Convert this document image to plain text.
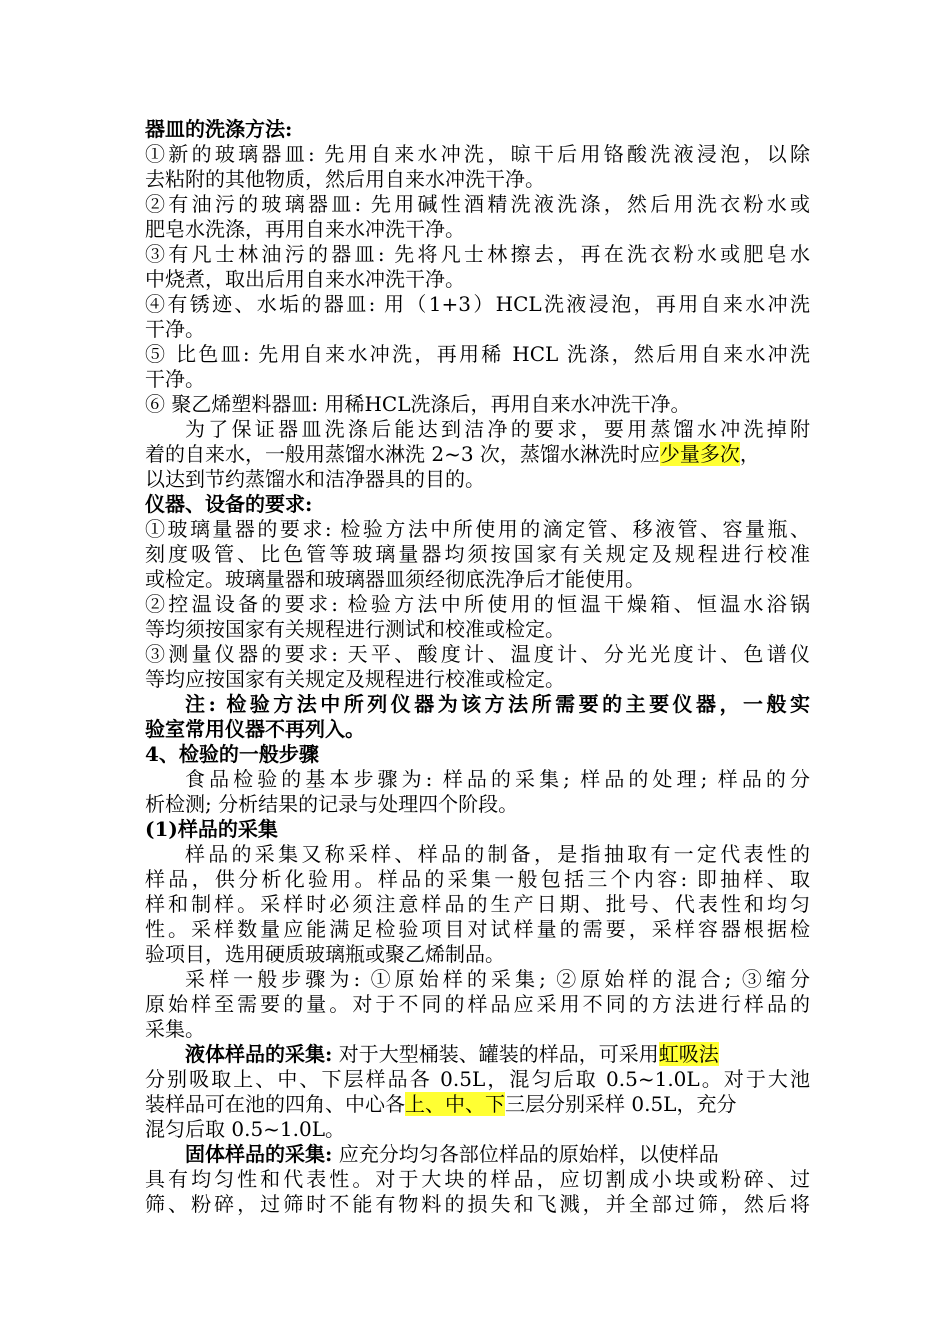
器皿的洗涤方法:
①新的玻璃器皿: 先用自来水冲洗，晾干后用铬酸洗液浸泡，以除
去粘附的其他物质，然后用自来水冲洗干净。
②有油污的玻璃器皿: 先用碱性酒精洗液洗涤，然后用洗衣粉水或
肥皂水洗涤，再用自来水冲洗干净。
③有凡士林油污的器皿: 先将凡士林擦去，再在洗衣粉水或肥皂水
中烧煮，取出后用自来水冲洗干净。
④有锈迹、水垢的器皿: 用（1+3）HCL洗液浸泡，再用自来水冲洗
干净。
⑤ 比色皿: 先用自来水冲洗，再用稀 HCL 洗涤，然后用自来水冲洗
干净。
⑥ 聚乙烯塑料器皿: 用稀HCL洗涤后，再用自来水冲洗干净。
为了保证器皿洗涤后能达到洁净的要求，要用蒸馏水冲洗掉附
着的自来水，一般用蒸馏水淋洗 2~3 次，蒸馏水淋洗时应少量多次，
以达到节约蒸馏水和洁净器具的目的。
仪器、设备的要求:
①玻璃量器的要求: 检验方法中所使用的滴定管、移液管、容量瓶、
刻度吸管、比色管等玻璃量器均须按国家有关规定及规程进行校准
或检定。玻璃量器和玻璃器皿须经彻底洗净后才能使用。
②控温设备的要求: 检验方法中所使用的恒温干燥箱、恒温水浴锅
等均须按国家有关规程进行测试和校准或检定。
③测量仪器的要求: 天平、酸度计、温度计、分光光度计、色谱仪
等均应按国家有关规定及规程进行校准或检定。
注: 检验方法中所列仪器为该方法所需要的主要仪器，一般实
验室常用仪器不再列入。
4、检验的一般步骤
食品检验的基本步骤为: 样品的采集; 样品的处理; 样品的分
析检测; 分析结果的记录与处理四个阶段。
(1)样品的采集
样品的采集又称采样、样品的制备，是指抽取有一定代表性的
样品，供分析化验用。样品的采集一般包括三个内容: 即抽样、取
样和制样。采样时必须注意样品的生产日期、批号、代表性和均匀
性。采样数量应能满足检验项目对试样量的需要，采样容器根据检
验项目，选用硬质玻璃瓶或聚乙烯制品。
采样一般步骤为: ①原始样的采集; ②原始样的混合; ③缩分
原始样至需要的量。对于不同的样品应采用不同的方法进行样品的
采集。
液体样品的采集: 对于大型桶装、罐装的样品，可采用虹吸法
分别吸取上、中、下层样品各 0.5L，混匀后取 0.5~1.0L。对于大池
装样品可在池的四角、中心各上、中、下三层分别采样 0.5L，充分
混匀后取 0.5~1.0L。
固体样品的采集: 应充分均匀各部位样品的原始样，以使样品
具有均匀性和代表性。对于大块的样品，应切割成小块或粉碎、过
筛、粉碎，过筛时不能有物料的损失和飞溅，并全部过筛，然后将
